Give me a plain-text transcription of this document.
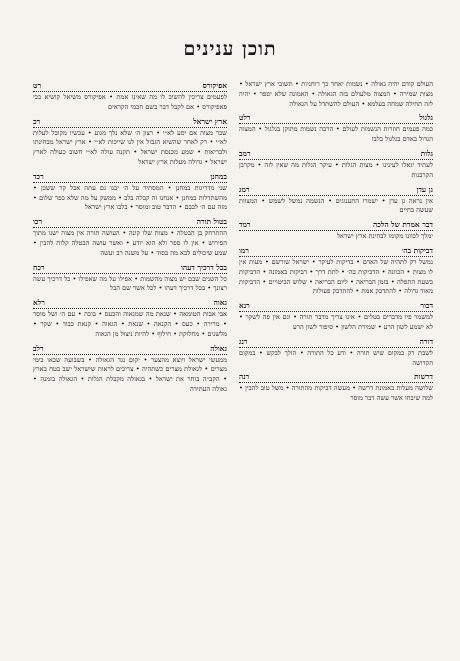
תוכן ענינים
אפיקורס
רט
לפעמים צריכין להשיב לו מה שאינו אמת • אפיקורס משיאל קושיא בכי פאפיקורס • אם לקבל דבר בשם חכמי הקראים
ארץ ישראל
רכ
שכר מצוה אם יסע לא״י • רצון ה׳ שלא נלך מגוע • עכשיו מקובל לעלות לא״י • רק לאחר שהשיא הגבול אין לנו שייכות לא״י • ארץ ישראל מבחינתו ולבריאות • שמע מכנסת ישראל • תקנה עולה לא״י חשוב כעולה לארץ ישראל • גדולה מעלות ארץ ישראל
במחנן
רכד
שני מדריגות במחנן • המסתיר על ה׳ יבנו גם עתה אבל קר ששכן • מהשתדלות במחנן • אנחנו זה קבלה בלב • ממשק על מה שלא כפר שלום • מזה עם ה׳ לבבם • הדבר טוב ומוסר • בלבו ארץ ישראל
בטול תורה
רכו
ההתרחק בן הבטלה • מצות שלו קונה • העושה תורה אין מצוה ישנו מתוך הפירוש • אין לו ספר ולא הוא יודע • ואשר עושה הבטלה קלות להבין • שמע שיכולים לבא מה בסוד • על משנה רב ועשה
בכל דרכיך דעהו
רכח
כל השנים שבם יש מצוה מהשמות • אפילו על מה שאפילו • כל דרכיך עשה רצונך • בכל דרכיך דעהו • לכל אשר שם הבל
גאוה
רלא
אבי אבות הטומאה • שנאת מה שמגאוה והכעס • בוכה • עם ה׳ ושל מוסר • מרירה • כעס • הקנאה • שנאת • הגאוה • קנאת כבוד • שקר • מלשנים • מחלוקת • חילוף • להיות ניצול מן הגאוה
גאולה
רלב
ממעשי ישראל ויוצא מהצער • יקום נגד הגאולה • בשבועה שכאו בימי מצרים • לגאולת מצרים כשתהיה • צריכים לראות שישראל ישב בטח בארץ • הקב״ה בוחר את ישראל • בגאולה מקבלת הגלות • הגאולה בזמנה • גאולה העתידה
העולם קודם יהיה גאולה • נשמות יאחר כך רוחניות • תשובי ארץ ישראל • מצות שמירה • המצוה מלעולם בזה הגאולה • האמונה שלא יספר • יהיה לזה תחילה שמחה בעלמא • העולם להשתדל על הגאולה
גלגול
רלט
כמה פעמים חוזרות הנשמות לעולם • הרבה נשמות מתוקן בגלגול • המצוה הגדול באדם בגלגול בלבו
גלות
רמב
לעתיד יגאלו לעינינו • מצות הגלות • עיקר הגלות מה שאין לזה • מקרבן הקרבנות
גן עדן
רמג
אין נראה גן עדן • ישמרו התענוגים • הנשמה נמשל לשמש • המצוות שעשה בחיים
דבר אמרת של הלכה
רמד
ימלך לכוונו מקומו לבחינת ארץ ישראל
דביקות בה׳
רמו
נמשל רק לתהיה של האדם • בדיקות לעיקר • ישראל שורשם • מעות אין לו מצות • הכוונה • הדביקות בה׳ • לתת דרך • דביקות באמונה • הדביקות בשעת התפלה • בזמן הבריאה • ליום הבריאה • שלוש הביטויים • הדביקות מאוד גדולה • להתדבק אמת • להתדבק פעולות
דבור
רנא
למשמר פיו מדברים בטלים • אינו צריך מדבר תורה • וגם אין פה לשקר • לא ישמע לשון הרע • שמירת הלשון • סיפור לשון הרע
דורה
רנג
לשבת רק במקום שיש תורה • ודע כל התורה • הולך לבקש • במקום הקדושה
דרשות
רנה
שלושה מעלות באמונת דרשה • מעשה דביקות מהתורה • משל טוב להבין • למה שיבחו אשר עשה דבר מוסר
